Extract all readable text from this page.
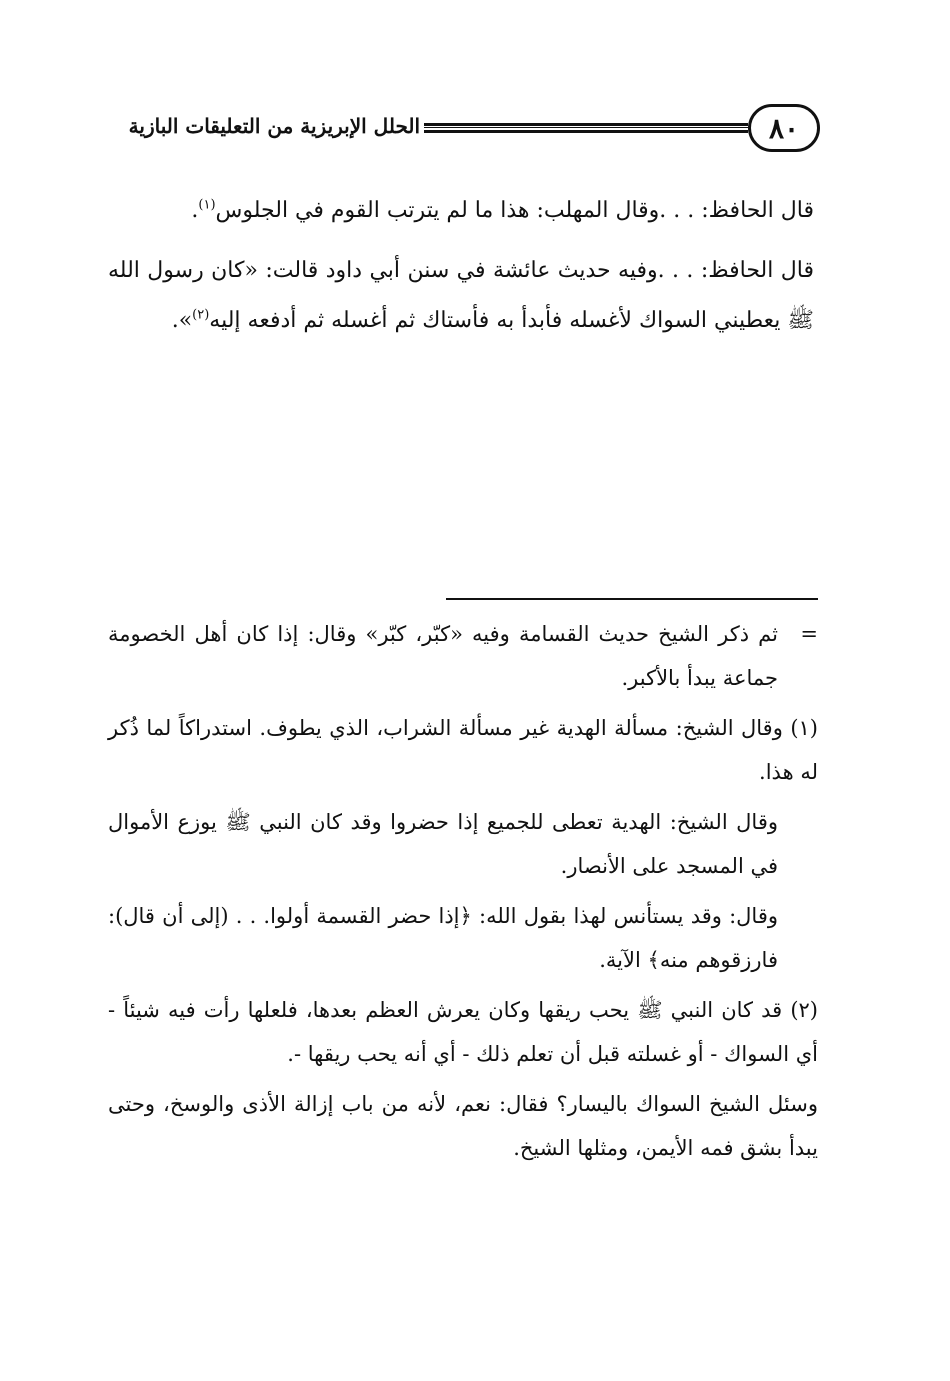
٨٠
الحلل الإبريزية من التعليقات البازية

قال الحافظ: . . .وقال المهلب: هذا ما لم يترتب القوم في الجلوس$^{(١)}$.

قال الحافظ: . . .وفيه حديث عائشة في سنن أبي داود قالت: «كان رسول الله ﷺ يعطيني السواك لأغسله فأبدأ به فأستاك ثم أغسله ثم أدفعه إليه$^{(٢)}$».

=
ثم ذكر الشيخ حديث القسامة وفيه «كبّر، كبّر» وقال: إذا كان أهل الخصومة جماعة يبدأ بالأكبر.
(١) وقال الشيخ: مسألة الهدية غير مسألة الشراب، الذي يطوف. استدراكاً لما ذُكر له هذا.
وقال الشيخ: الهدية تعطى للجميع إذا حضروا وقد كان النبي ﷺ يوزع الأموال في المسجد على الأنصار.
وقال: وقد يستأنس لهذا بقول الله: ﴿إذا حضر القسمة أولوا. . . (إلى أن قال): فارزقوهم منه﴾ الآية.
(٢) قد كان النبي ﷺ يحب ريقها وكان يعرش العظم بعدها، فلعلها رأت فيه شيئاً - أي السواك - أو غسلته قبل أن تعلم ذلك - أي أنه يحب ريقها -.
وسئل الشيخ السواك باليسار؟ فقال: نعم، لأنه من باب إزالة الأذى والوسخ، وحتى يبدأ بشق فمه الأيمن، ومثلها الشيخ.
